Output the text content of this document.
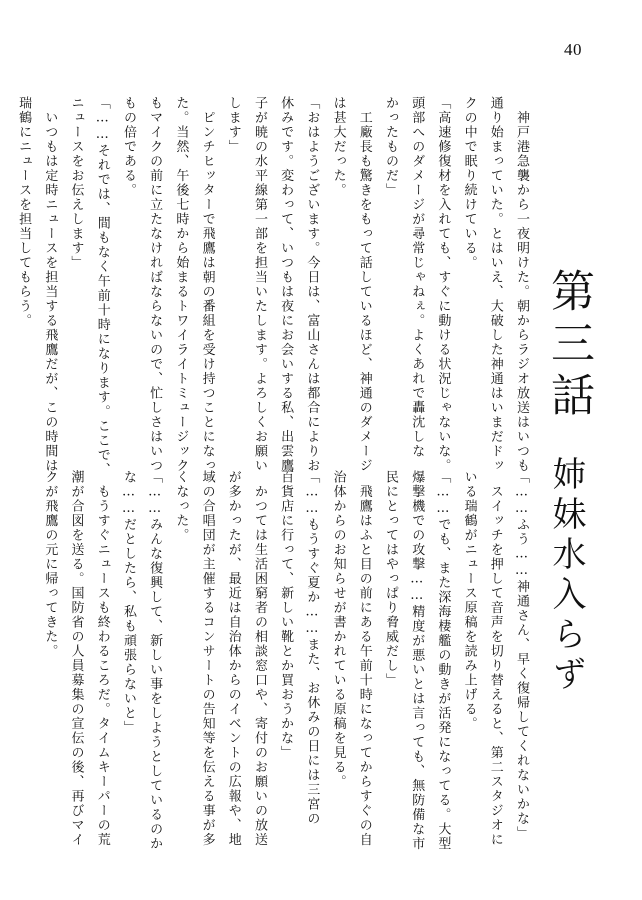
40
第三話
姉妹水入らず
　神戸港急襲から一夜明けた。朝からラジオ放送はいつも
通り始まっていた。とはいえ、大破した神通はいまだドッ
クの中で眠り続けている。
「高速修復材を入れても、すぐに動ける状況じゃないな。
頭部へのダメージが尋常じゃねぇ。よくあれで轟沈しな
かったものだ」
　工廠長も驚きをもって話しているほど、神通のダメージ
は甚大だった。
「おはようございます。今日は、富山さんは都合によりお
休みです。変わって、いつもは夜にお会いする私、出雲鷹
子が暁の水平線第一部を担当いたします。よろしくお願い
します」
　ピンチヒッターで飛鷹は朝の番組を受け持つことになっ
た。当然、午後七時から始まるトワイライトミュージック
もマイクの前に立たなければならないので、忙しさはいつ
もの倍である。
「……それでは、間もなく午前十時になります。ここで、
ニュースをお伝えします」
　いつもは定時ニュースを担当する飛鷹だが、この時間は
瑞鶴にニュースを担当してもらう。
「……ふう……神通さん、早く復帰してくれないかな」
　スイッチを押して音声を切り替えると、第二スタジオに
いる瑞鶴がニュース原稿を読み上げる。
「……でも、また深海棲艦の動きが活発になってる。大型
爆撃機での攻撃……精度が悪いとは言っても、無防備な市
民にとってはやっぱり脅威だし」
　飛鷹はふと目の前にある午前十時になってからすぐの自
治体からのお知らせが書かれている原稿を見る。
「……もうすぐ夏か……また、お休みの日には三宮の
百貨店に行って、新しい靴とか買おうかな」
　かつては生活困窮者の相談窓口や、寄付のお願いの放送
が多かったが、最近は自治体からのイベントの広報や、地
域の合唱団が主催するコンサートの告知等を伝える事が多
くなった。
「……みんな復興して、新しい事をしようとしているのか
な……だとしたら、私も頑張らないと」
　もうすぐニュースも終わるころだ。タイムキーパーの荒
潮が合図を送る。国防省の人員募集の宣伝の後、再びマイ
クが飛鷹の元に帰ってきた。
